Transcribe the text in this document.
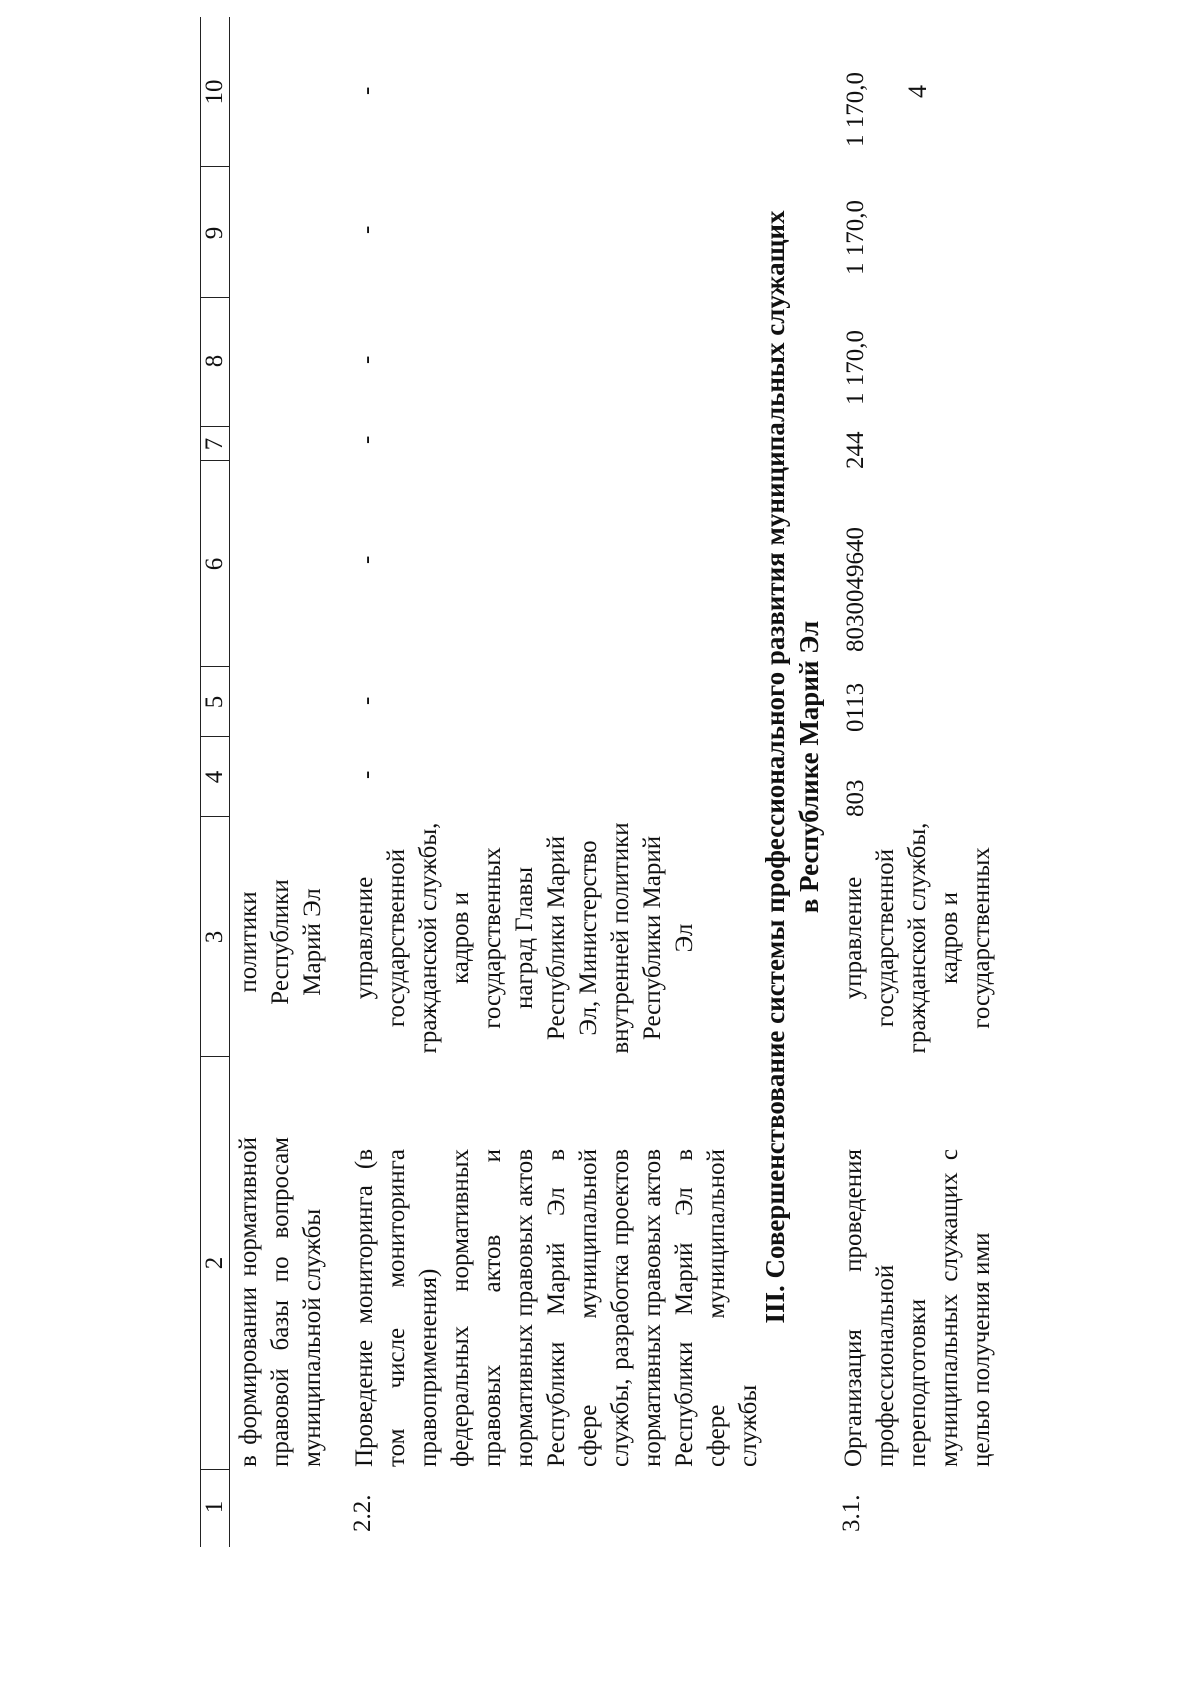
4
1
2
3
4
5
6
7
8
9
10
в формировании нормативной правовой базы по вопросам муниципальной службы
политики Республики Марий Эл
2.2.
Проведение мониторинга (в том числе мониторинга правоприменения) федеральных нормативных правовых актов и нормативных правовых актов Республики Марий Эл в сфере муниципальной службы, разработка проектов нормативных правовых актов Республики Марий Эл в сфере муниципальной службы
управление государственной гражданской службы, кадров и государственных наград Главы Республики Марий Эл, Министерство внутренней политики Республики Марий Эл
-
-
-
-
-
-
-
III. Совершенствование системы профессионального развития муниципальных служащих в Республике Марий Эл
3.1.
Организация проведения профессиональной переподготовки муниципальных служащих с целью получения ими
управление государственной гражданской службы, кадров и государственных
803
0113
8030049640
244
1 170,0
1 170,0
1 170,0
